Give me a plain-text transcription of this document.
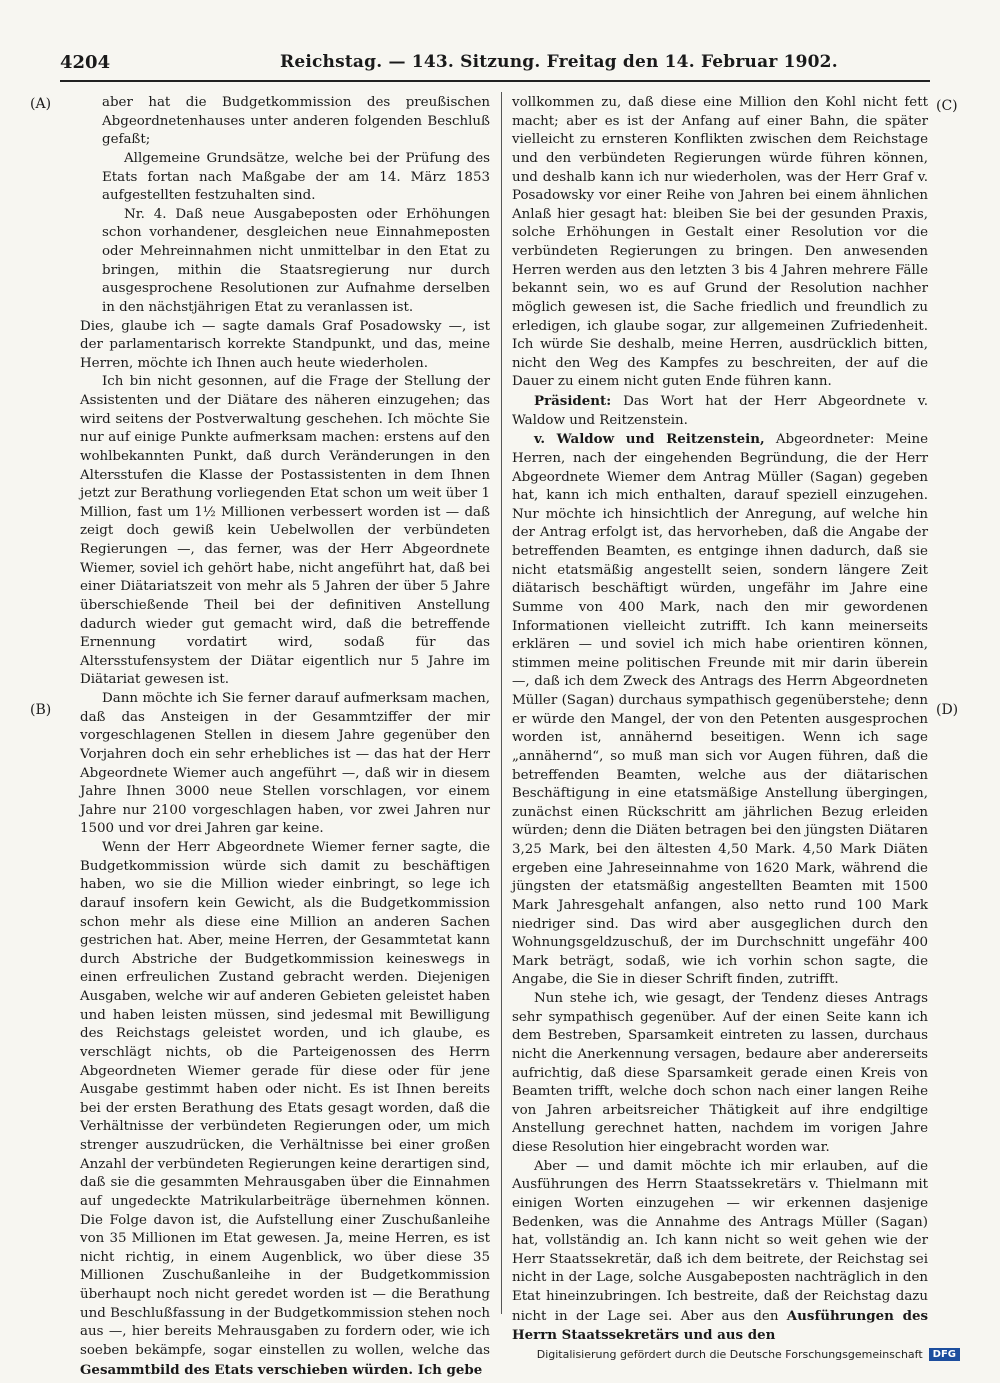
4204	Reichstag. — 143. Sitzung. Freitag den 14. Februar 1902.
(A)
(B)
(C)
(D)

aber hat die Budgetkommission des preußischen Abgeordnetenhauses unter anderen folgenden Beschluß gefaßt;

Allgemeine Grundsätze, welche bei der Prüfung des Etats fortan nach Maßgabe der am 14. März 1853 aufgestellten festzuhalten sind.

Nr. 4. Daß neue Ausgabeposten oder Erhöhungen schon vorhandener, desgleichen neue Einnahmeposten oder Mehreinnahmen nicht unmittelbar in den Etat zu bringen, mithin die Staatsregierung nur durch ausgesprochene Resolutionen zur Aufnahme derselben in den nächstjährigen Etat zu veranlassen ist.

Dies, glaube ich — sagte damals Graf Posadowsky —, ist der parlamentarisch korrekte Standpunkt, und das, meine Herren, möchte ich Ihnen auch heute wiederholen.

Ich bin nicht gesonnen, auf die Frage der Stellung der Assistenten und der Diätare des näheren einzugehen; das wird seitens der Postverwaltung geschehen. Ich möchte Sie nur auf einige Punkte aufmerksam machen: erstens auf den wohlbekannten Punkt, daß durch Veränderungen in den Altersstufen die Klasse der Postassistenten in dem Ihnen jetzt zur Berathung vorliegenden Etat schon um weit über 1 Million, fast um 1½ Millionen verbessert worden ist — daß zeigt doch gewiß kein Uebelwollen der verbündeten Regierungen —, das ferner, was der Herr Abgeordnete Wiemer, soviel ich gehört habe, nicht angeführt hat, daß bei einer Diätariatszeit von mehr als 5 Jahren der über 5 Jahre überschießende Theil bei der definitiven Anstellung dadurch wieder gut gemacht wird, daß die betreffende Ernennung vordatirt wird, sodaß für das Altersstufensystem der Diätar eigentlich nur 5 Jahre im Diätariat gewesen ist.

Dann möchte ich Sie ferner darauf aufmerksam machen, daß das Ansteigen in der Gesammtziffer der mir vorgeschlagenen Stellen in diesem Jahre gegenüber den Vorjahren doch ein sehr erhebliches ist — das hat der Herr Abgeordnete Wiemer auch angeführt —, daß wir in diesem Jahre Ihnen 3000 neue Stellen vorschlagen, vor einem Jahre nur 2100 vorgeschlagen haben, vor zwei Jahren nur 1500 und vor drei Jahren gar keine.

Wenn der Herr Abgeordnete Wiemer ferner sagte, die Budgetkommission würde sich damit zu beschäftigen haben, wo sie die Million wieder einbringt, so lege ich darauf insofern kein Gewicht, als die Budgetkommission schon mehr als diese eine Million an anderen Sachen gestrichen hat. Aber, meine Herren, der Gesammtetat kann durch Abstriche der Budgetkommission keineswegs in einen erfreulichen Zustand gebracht werden. Diejenigen Ausgaben, welche wir auf anderen Gebieten geleistet haben und haben leisten müssen, sind jedesmal mit Bewilligung des Reichstags geleistet worden, und ich glaube, es verschlägt nichts, ob die Parteigenossen des Herrn Abgeordneten Wiemer gerade für diese oder für jene Ausgabe gestimmt haben oder nicht. Es ist Ihnen bereits bei der ersten Berathung des Etats gesagt worden, daß die Verhältnisse der verbündeten Regierungen oder, um mich strenger auszudrücken, die Verhältnisse bei einer großen Anzahl der verbündeten Regierungen keine derartigen sind, daß sie die gesammten Mehrausgaben über die Einnahmen auf ungedeckte Matrikularbeiträge übernehmen können. Die Folge davon ist, die Aufstellung einer Zuschußanleihe von 35 Millionen im Etat gewesen. Ja, meine Herren, es ist nicht richtig, in einem Augenblick, wo über diese 35 Millionen Zuschußanleihe in der Budgetkommission überhaupt noch nicht geredet worden ist — die Berathung und Beschlußfassung in der Budgetkommission stehen noch aus —, hier bereits Mehrausgaben zu fordern oder, wie ich soeben bekämpfe, sogar einstellen zu wollen, welche das Gesammtbild des Etats verschieben würden. Ich gebe

vollkommen zu, daß diese eine Million den Kohl nicht fett macht; aber es ist der Anfang auf einer Bahn, die später vielleicht zu ernsteren Konflikten zwischen dem Reichstage und den verbündeten Regierungen würde führen können, und deshalb kann ich nur wiederholen, was der Herr Graf v. Posadowsky vor einer Reihe von Jahren bei einem ähnlichen Anlaß hier gesagt hat: bleiben Sie bei der gesunden Praxis, solche Erhöhungen in Gestalt einer Resolution vor die verbündeten Regierungen zu bringen. Den anwesenden Herren werden aus den letzten 3 bis 4 Jahren mehrere Fälle bekannt sein, wo es auf Grund der Resolution nachher möglich gewesen ist, die Sache friedlich und freundlich zu erledigen, ich glaube sogar, zur allgemeinen Zufriedenheit. Ich würde Sie deshalb, meine Herren, ausdrücklich bitten, nicht den Weg des Kampfes zu beschreiten, der auf die Dauer zu einem nicht guten Ende führen kann.

Präsident: Das Wort hat der Herr Abgeordnete v. Waldow und Reitzenstein.

v. Waldow und Reitzenstein, Abgeordneter: Meine Herren, nach der eingehenden Begründung, die der Herr Abgeordnete Wiemer dem Antrag Müller (Sagan) gegeben hat, kann ich mich enthalten, darauf speziell einzugehen. Nur möchte ich hinsichtlich der Anregung, auf welche hin der Antrag erfolgt ist, das hervorheben, daß die Angabe der betreffenden Beamten, es entginge ihnen dadurch, daß sie nicht etatsmäßig angestellt seien, sondern längere Zeit diätarisch beschäftigt würden, ungefähr im Jahre eine Summe von 400 Mark, nach den mir gewordenen Informationen vielleicht zutrifft. Ich kann meinerseits erklären — und soviel ich mich habe orientiren können, stimmen meine politischen Freunde mit mir darin überein —, daß ich dem Zweck des Antrags des Herrn Abgeordneten Müller (Sagan) durchaus sympathisch gegenüberstehe; denn er würde den Mangel, der von den Petenten ausgesprochen worden ist, annähernd beseitigen. Wenn ich sage „annähernd“, so muß man sich vor Augen führen, daß die betreffenden Beamten, welche aus der diätarischen Beschäftigung in eine etatsmäßige Anstellung übergingen, zunächst einen Rückschritt am jährlichen Bezug erleiden würden; denn die Diäten betragen bei den jüngsten Diätaren 3,25 Mark, bei den ältesten 4,50 Mark. 4,50 Mark Diäten ergeben eine Jahreseinnahme von 1620 Mark, während die jüngsten der etatsmäßig angestellten Beamten mit 1500 Mark Jahresgehalt anfangen, also netto rund 100 Mark niedriger sind. Das wird aber ausgeglichen durch den Wohnungsgeldzuschuß, der im Durchschnitt ungefähr 400 Mark beträgt, sodaß, wie ich vorhin schon sagte, die Angabe, die Sie in dieser Schrift finden, zutrifft.

Nun stehe ich, wie gesagt, der Tendenz dieses Antrags sehr sympathisch gegenüber. Auf der einen Seite kann ich dem Bestreben, Sparsamkeit eintreten zu lassen, durchaus nicht die Anerkennung versagen, bedaure aber andererseits aufrichtig, daß diese Sparsamkeit gerade einen Kreis von Beamten trifft, welche doch schon nach einer langen Reihe von Jahren arbeitsreicher Thätigkeit auf ihre endgiltige Anstellung gerechnet hatten, nachdem im vorigen Jahre diese Resolution hier eingebracht worden war.

Aber — und damit möchte ich mir erlauben, auf die Ausführungen des Herrn Staatssekretärs v. Thielmann mit einigen Worten einzugehen — wir erkennen dasjenige Bedenken, was die Annahme des Antrags Müller (Sagan) hat, vollständig an. Ich kann nicht so weit gehen wie der Herr Staatssekretär, daß ich dem beitrete, der Reichstag sei nicht in der Lage, solche Ausgabeposten nachträglich in den Etat hineinzubringen. Ich bestreite, daß der Reichstag dazu nicht in der Lage sei. Aber aus den Ausführungen des Herrn Staatssekretärs und aus den

Digitalisierung gefördert durch die Deutsche Forschungsgemeinschaft	DFG
